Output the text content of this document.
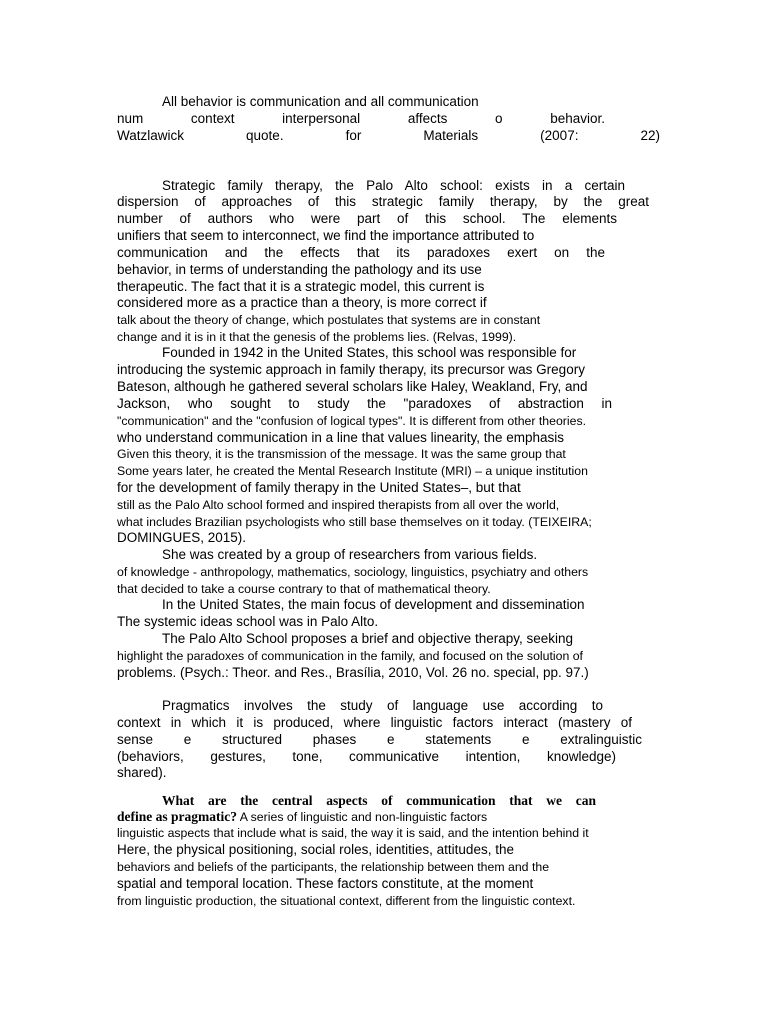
All behavior is communication and all communication

num context interpersonal affects o behavior.

Watzlawick quote. for Materials (2007: 22)

Strategic family therapy, the Palo Alto school: exists in a certain

dispersion of approaches of this strategic family therapy, by the great

number of authors who were part of this school. The elements

unifiers that seem to interconnect, we find the importance attributed to

communication and the effects that its paradoxes exert on the

behavior, in terms of understanding the pathology and its use

therapeutic. The fact that it is a strategic model, this current is

considered more as a practice than a theory, is more correct if

talk about the theory of change, which postulates that systems are in constant

change and it is in it that the genesis of the problems lies. (Relvas, 1999).

Founded in 1942 in the United States, this school was responsible for

introducing the systemic approach in family therapy, its precursor was Gregory

Bateson, although he gathered several scholars like Haley, Weakland, Fry, and

Jackson, who sought to study the "paradoxes of abstraction in

"communication" and the "confusion of logical types". It is different from other theories.

who understand communication in a line that values linearity, the emphasis

Given this theory, it is the transmission of the message. It was the same group that

Some years later, he created the Mental Research Institute (MRI) – a unique institution

for the development of family therapy in the United States–, but that

still as the Palo Alto school formed and inspired therapists from all over the world,

what includes Brazilian psychologists who still base themselves on it today. (TEIXEIRA;

DOMINGUES, 2015).

She was created by a group of researchers from various fields.

of knowledge - anthropology, mathematics, sociology, linguistics, psychiatry and others

that decided to take a course contrary to that of mathematical theory.

In the United States, the main focus of development and dissemination

The systemic ideas school was in Palo Alto.

The Palo Alto School proposes a brief and objective therapy, seeking

highlight the paradoxes of communication in the family, and focused on the solution of

problems. (Psych.: Theor. and Res., Brasília, 2010, Vol. 26 no. special, pp. 97.)

Pragmatics involves the study of language use according to

context in which it is produced, where linguistic factors interact (mastery of

sense e structured phases e statements e extralinguistic

(behaviors, gestures, tone, communicative intention, knowledge)

shared).

What are the central aspects of communication that we can

define as pragmatic? A series of linguistic and non-linguistic factors

linguistic aspects that include what is said, the way it is said, and the intention behind it

Here, the physical positioning, social roles, identities, attitudes, the

behaviors and beliefs of the participants, the relationship between them and the

spatial and temporal location. These factors constitute, at the moment

from linguistic production, the situational context, different from the linguistic context.
